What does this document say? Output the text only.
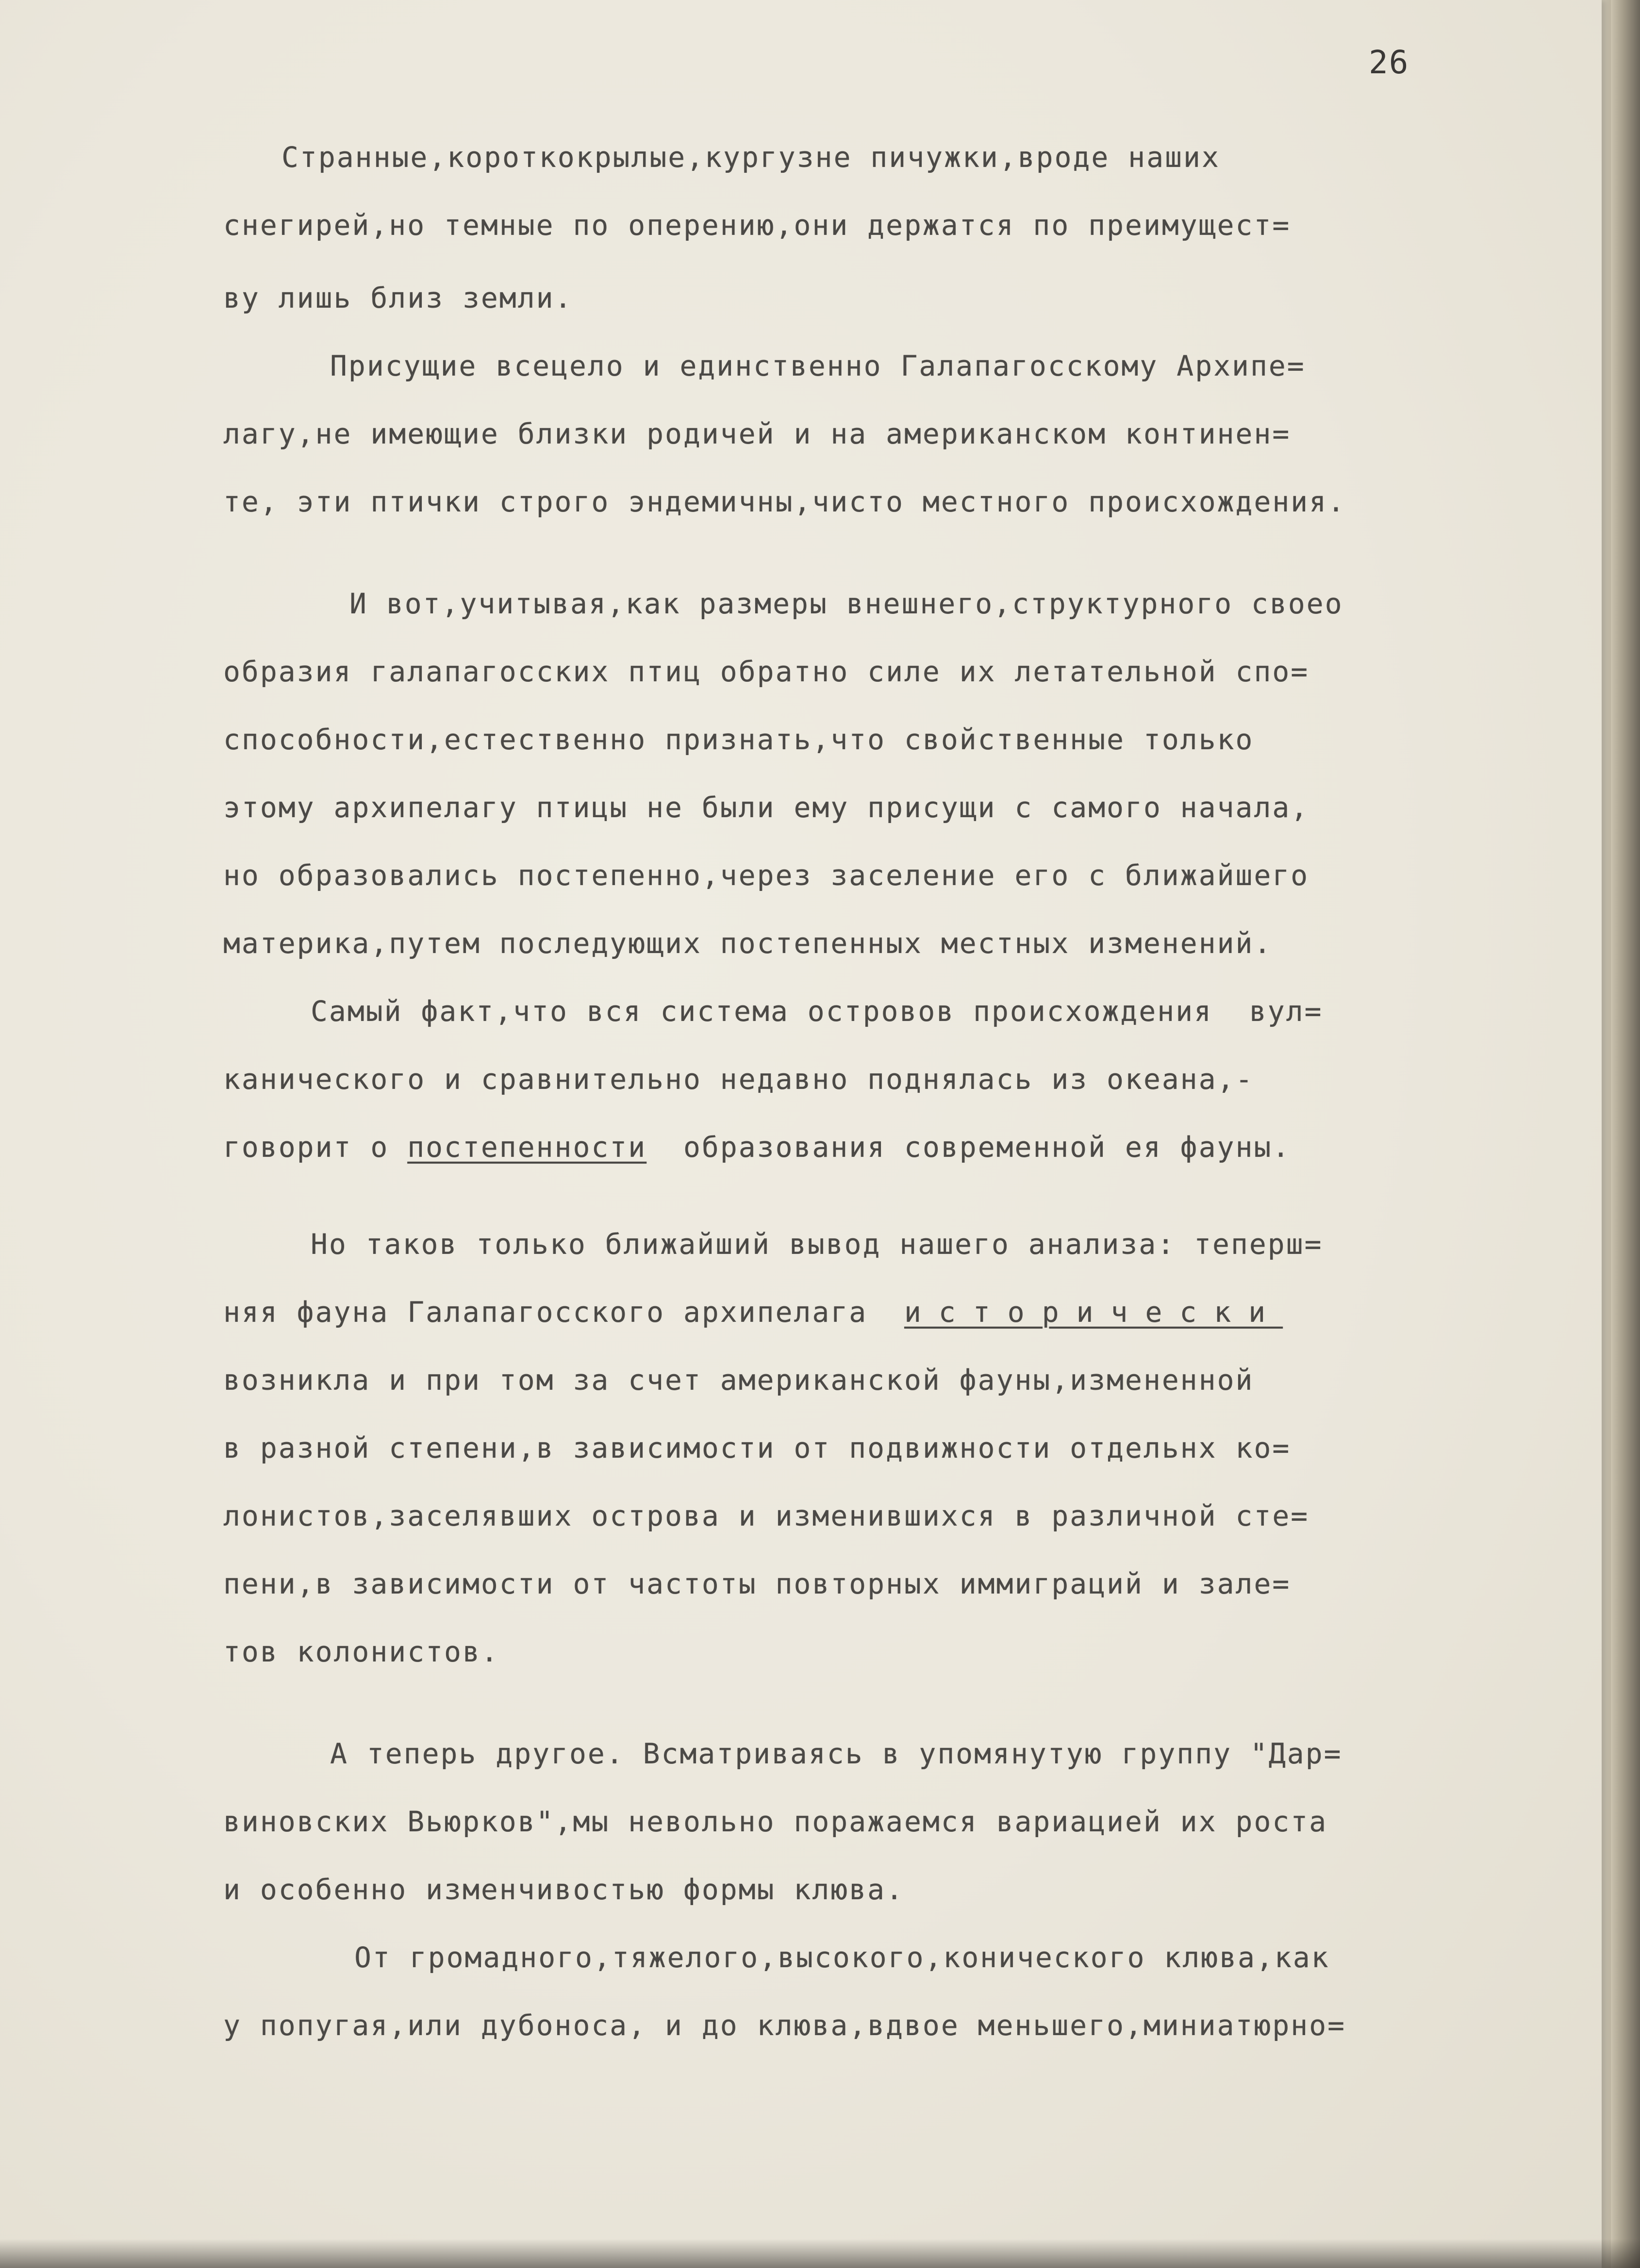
26
Странные,короткокрылые,кургузне пичужки,вроде наших
снегирей,но темные по оперению,они держатся по преимущест=
ву лишь близ земли.
Присущие всецело и единственно Галапагосскому Архипе=
лагу,не имеющие близки родичей и на американском континен=
те, эти птички строго эндемичны,чисто местного происхождения.
И вот,учитывая,как размеры внешнего,структурного своео
образия галапагосских птиц обратно силе их летательной спо=
способности,естественно признать,что свойственные только
этому архипелагу птицы не были ему присущи с самого начала,
но образовались постепенно,через заселение его с ближайшего
материка,путем последующих постепенных местных изменений.
Самый факт,что вся система островов происхождения  вул=
канического и сравнительно недавно поднялась из океана,-
говорит о постепенности  образования современной ея фауны.
Но таков только ближайший вывод нашего анализа: теперш=
няя фауна Галапагосского архипелага  исторически
возникла и при том за счет американской фауны,измененной
в разной степени,в зависимости от подвижности отдельнх ко=
лонистов,заселявших острова и изменившихся в различной сте=
пени,в зависимости от частоты повторных иммиграций и зале=
тов колонистов.
А теперь другое. Всматриваясь в упомянутую группу "Дар=
виновских Вьюрков",мы невольно поражаемся вариацией их роста
и особенно изменчивостью формы клюва.
От громадного,тяжелого,высокого,конического клюва,как
у попугая,или дубоноса, и до клюва,вдвое меньшего,миниатюрно=
